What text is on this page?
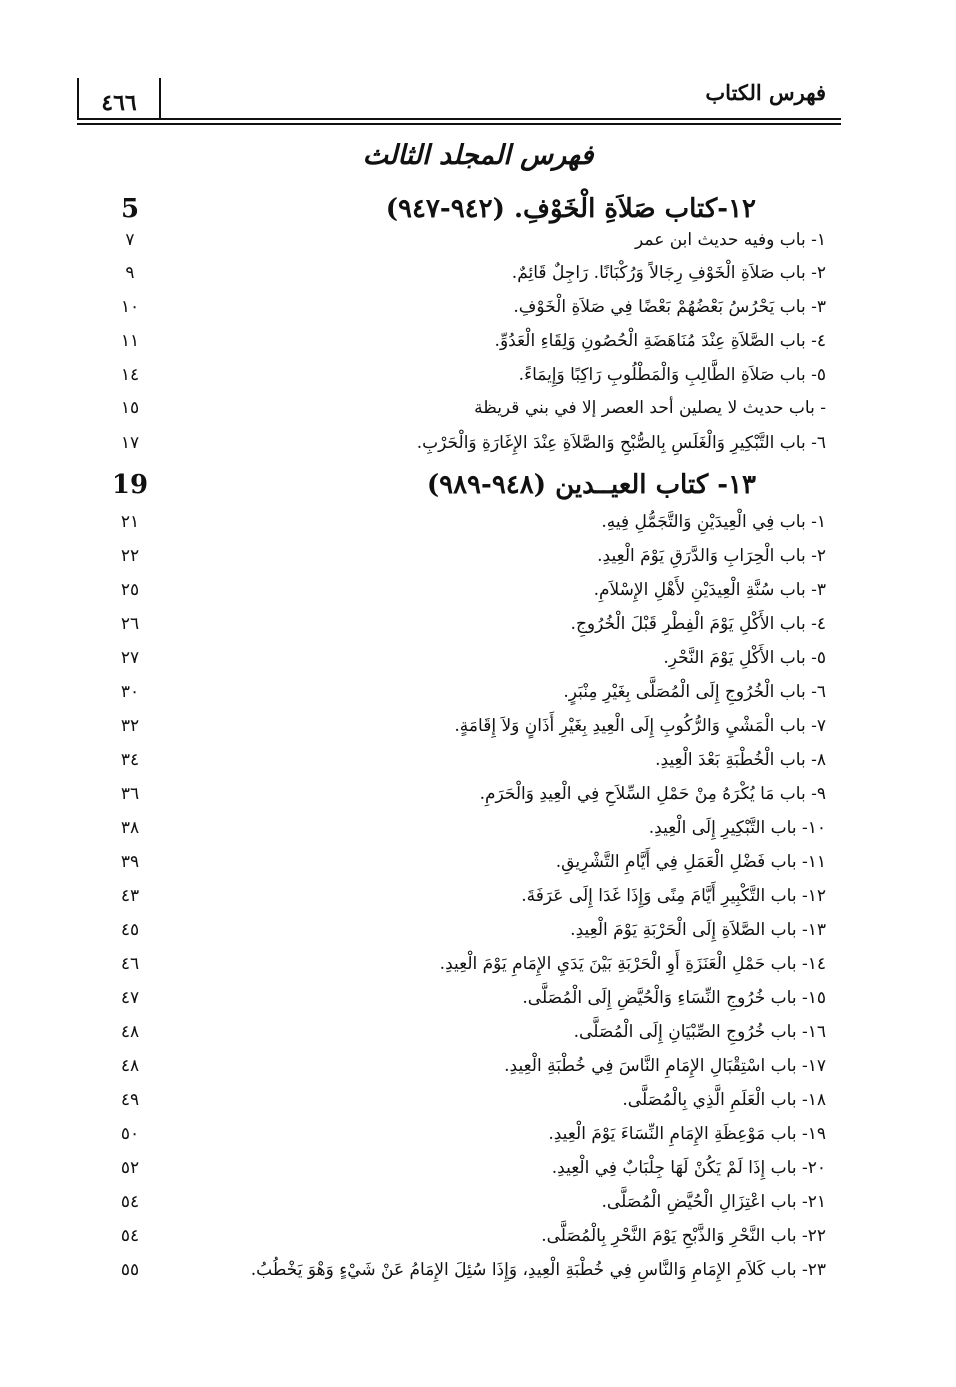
فهرس الكتاب
٤٦٦
فهرس المجلد الثالث
١٢-كتاب صَلاَةِ الْخَوْفِ. (٩٤٢-٩٤٧)
5
١- باب وفيه حديث ابن عمر
٧
٢- باب صَلاَةِ الْخَوْفِ رِجَالاً وَرُكْبَانًا. رَاجِلٌ قَائِمٌ.
٩
٣- باب يَحْرُسُ بَعْضُهُمْ بَعْضًا فِي صَلاَةِ الْخَوْفِ.
١٠
٤- باب الصَّلاَةِ عِنْدَ مُنَاهَضَةِ الْحُصُونِ وَلِقَاءِ الْعَدُوِّ.
١١
٥- باب صَلاَةِ الطَّالِبِ وَالْمَطْلُوبِ رَاكِبًا وَإِيمَاءً.
١٤
- باب حديث لا يصلين أحد العصر إلا في بني قريظة
١٥
٦- باب التَّبْكِيرِ وَالْغَلَسِ بِالصُّبْحِ وَالصَّلاَةِ عِنْدَ الإِغَارَةِ وَالْحَرْبِ.
١٧
١٣- كتاب العيــدين (٩٤٨-٩٨٩)
19
١- باب فِي الْعِيدَيْنِ وَالتَّجَمُّلِ فِيهِ.
٢١
٢- باب الْحِرَابِ وَالدَّرَقِ يَوْمَ الْعِيدِ.
٢٢
٣- باب سُنَّةِ الْعِيدَيْنِ لأَهْلِ الإِسْلاَمِ.
٢٥
٤- باب الأَكْلِ يَوْمَ الْفِطْرِ قَبْلَ الْخُرُوجِ.
٢٦
٥- باب الأَكْلِ يَوْمَ النَّحْرِ.
٢٧
٦- باب الْخُرُوجِ إِلَى الْمُصَلَّى بِغَيْرِ مِنْبَرٍ.
٣٠
٧- باب الْمَشْيِ وَالرُّكُوبِ إِلَى الْعِيدِ بِغَيْرِ أَذَانٍ وَلاَ إِقَامَةٍ.
٣٢
٨- باب الْخُطْبَةِ بَعْدَ الْعِيدِ.
٣٤
٩- باب مَا يُكْرَهُ مِنْ حَمْلِ السِّلاَحِ فِي الْعِيدِ وَالْحَرَمِ.
٣٦
١٠- باب التَّبْكِيرِ إِلَى الْعِيدِ.
٣٨
١١- باب فَضْلِ الْعَمَلِ فِي أَيَّامِ التَّشْرِيقِ.
٣٩
١٢- باب التَّكْبِيرِ أَيَّامَ مِنًى وَإِذَا غَدَا إِلَى عَرَفَةَ.
٤٣
١٣- باب الصَّلاَةِ إِلَى الْحَرْبَةِ يَوْمَ الْعِيدِ.
٤٥
١٤- باب حَمْلِ الْعَنَزَةِ أَوِ الْحَرْبَةِ بَيْنَ يَدَيِ الإِمَامِ يَوْمَ الْعِيدِ.
٤٦
١٥- باب خُرُوجِ النِّسَاءِ وَالْحُيَّضِ إِلَى الْمُصَلَّى.
٤٧
١٦- باب خُرُوجِ الصِّبْيَانِ إِلَى الْمُصَلَّى.
٤٨
١٧- باب اسْتِقْبَالِ الإِمَامِ النَّاسَ فِي خُطْبَةِ الْعِيدِ.
٤٨
١٨- باب الْعَلَمِ الَّذِي بِالْمُصَلَّى.
٤٩
١٩- باب مَوْعِظَةِ الإِمَامِ النِّسَاءَ يَوْمَ الْعِيدِ.
٥٠
٢٠- باب إِذَا لَمْ يَكُنْ لَهَا جِلْبَابٌ فِي الْعِيدِ.
٥٢
٢١- باب اعْتِزَالِ الْحُيَّضِ الْمُصَلَّى.
٥٤
٢٢- باب النَّحْرِ وَالذَّبْحِ يَوْمَ النَّحْرِ بِالْمُصَلَّى.
٥٤
٢٣- باب كَلاَمِ الإِمَامِ وَالنَّاسِ فِي خُطْبَةِ الْعِيدِ، وَإِذَا سُئِلَ الإِمَامُ عَنْ شَيْءٍ وَهْوَ يَخْطُبُ.
٥٥
